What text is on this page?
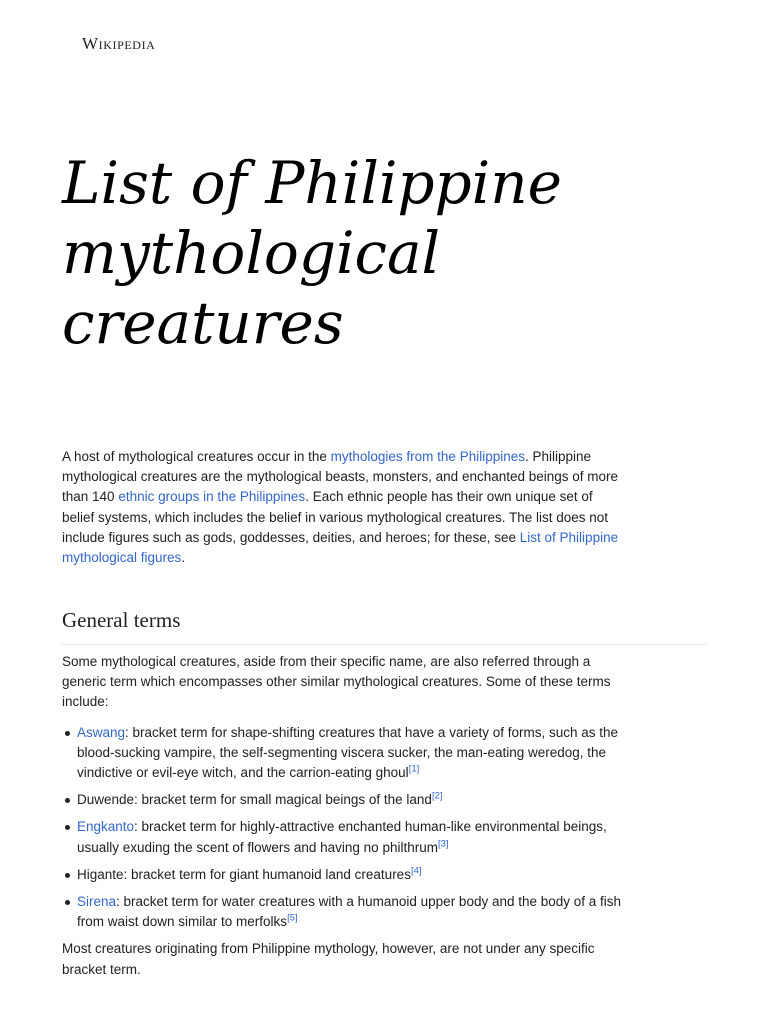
Wikipedia
List of Philippine mythological creatures

A host of mythological creatures occur in the mythologies from the Philippines. Philippine mythological creatures are the mythological beasts, monsters, and enchanted beings of more than 140 ethnic groups in the Philippines. Each ethnic people has their own unique set of belief systems, which includes the belief in various mythological creatures. The list does not include figures such as gods, goddesses, deities, and heroes; for these, see List of Philippine mythological figures.

General terms

Some mythological creatures, aside from their specific name, are also referred through a generic term which encompasses other similar mythological creatures. Some of these terms include:

Aswang: bracket term for shape-shifting creatures that have a variety of forms, such as the blood-sucking vampire, the self-segmenting viscera sucker, the man-eating weredog, the vindictive or evil-eye witch, and the carrion-eating ghoul[1]
Duwende: bracket term for small magical beings of the land[2]
Engkanto: bracket term for highly-attractive enchanted human-like environmental beings, usually exuding the scent of flowers and having no philthrum[3]
Higante: bracket term for giant humanoid land creatures[4]
Sirena: bracket term for water creatures with a humanoid upper body and the body of a fish from waist down similar to merfolks[5]

Most creatures originating from Philippine mythology, however, are not under any specific bracket term.
